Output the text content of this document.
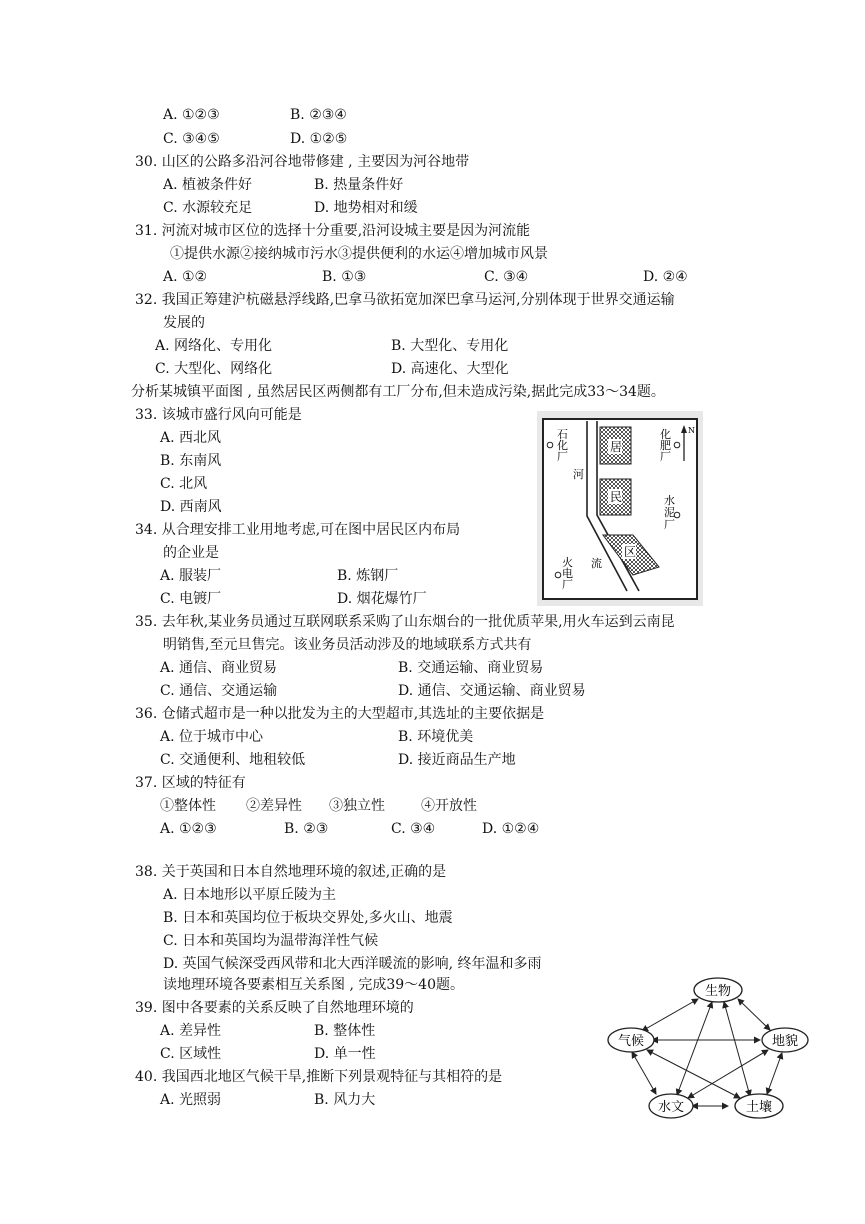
A. ①②③	B. ②③④
C. ③④⑤	D. ①②⑤
30. 山区的公路多沿河谷地带修建 , 主要因为河谷地带
A. 植被条件好	B. 热量条件好
C. 水源较充足	D. 地势相对和缓
31. 河流对城市区位的选择十分重要,沿河设城主要是因为河流能
①提供水源②接纳城市污水③提供便利的水运④增加城市风景
A. ①②	B. ①③	C. ③④	D. ②④
32. 我国正筹建沪杭磁悬浮线路,巴拿马欲拓宽加深巴拿马运河,分别体现于世界交通运输
发展的
A. 网络化、专用化	B. 大型化、专用化
C. 大型化、网络化	D. 高速化、大型化
分析某城镇平面图 , 虽然居民区两侧都有工厂分布,但未造成污染,据此完成33～34题。
33. 该城市盛行风向可能是
A. 西北风
B. 东南风
C. 北风
D. 西南风
34. 从合理安排工业用地考虑,可在图中居民区内布局
的企业是
A. 服装厂	B. 炼钢厂
C. 电镀厂	D. 烟花爆竹厂
N
石
化
厂
化
肥
厂
水
泥
厂
火
电
厂
河
流
居
民
区
35. 去年秋,某业务员通过互联网联系采购了山东烟台的一批优质苹果,用火车运到云南昆
明销售,至元旦售完。该业务员活动涉及的地域联系方式共有
A. 通信、商业贸易	B. 交通运输、商业贸易
C. 通信、交通运输	D. 通信、交通运输、商业贸易
36. 仓储式超市是一种以批发为主的大型超市,其选址的主要依据是
A. 位于城市中心	B. 环境优美
C. 交通便利、地租较低	D. 接近商品生产地
37. 区域的特征有
①整体性 ②差异性 ③独立性	④开放性
A. ①②③	B. ②③	C. ③④	D. ①②④
38. 关于英国和日本自然地理环境的叙述,正确的是
A. 日本地形以平原丘陵为主
B. 日本和英国均位于板块交界处,多火山、地震
C. 日本和英国均为温带海洋性气候
D. 英国气候深受西风带和北大西洋暖流的影响, 终年温和多雨
读地理环境各要素相互关系图 , 完成39～40题。
39. 图中各要素的关系反映了自然地理环境的
A. 差异性	B. 整体性
C. 区域性	D. 单一性
40. 我国西北地区气候干旱,推断下列景观特征与其相符的是
A. 光照弱	B. 风力大
生物
气候	地貌
水文	土壤
